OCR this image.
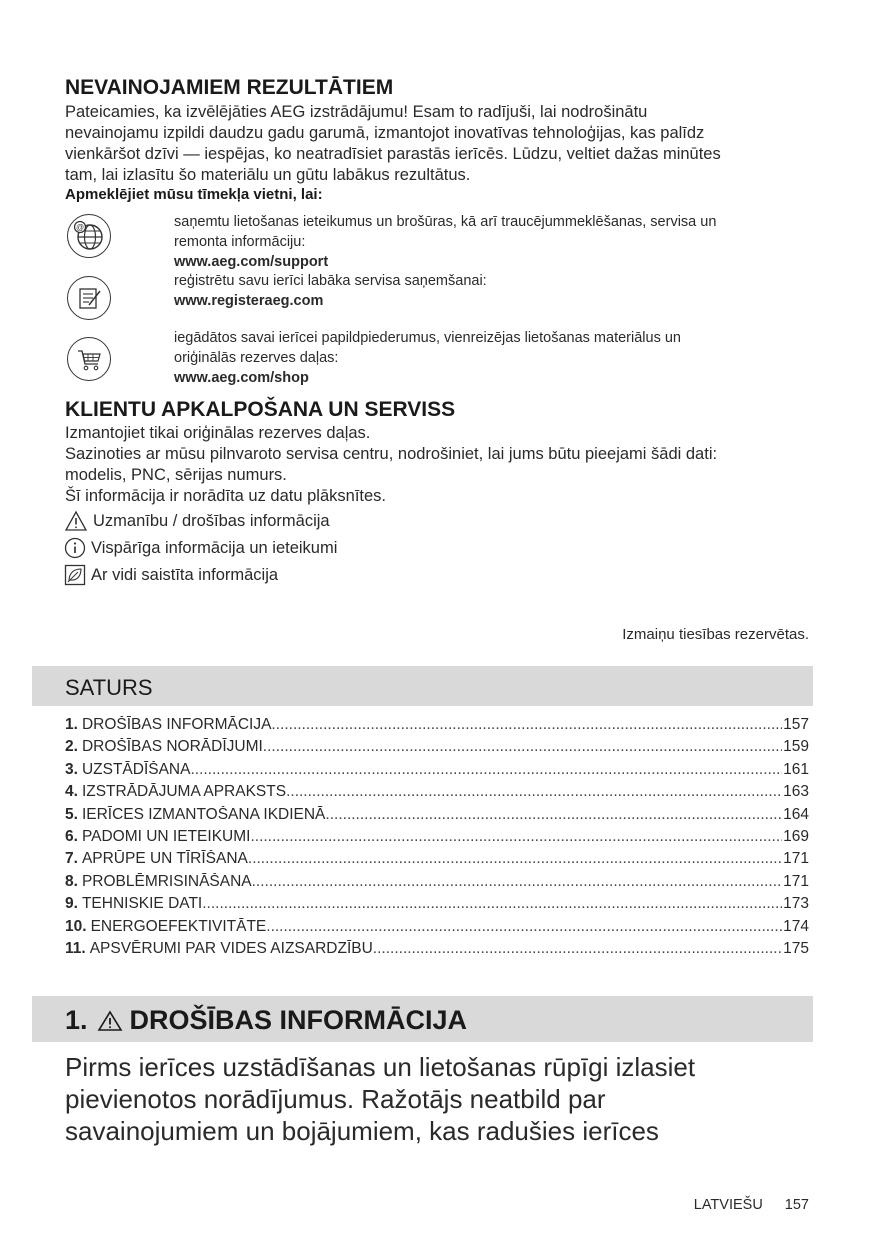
NEVAINOJAMIEM REZULTĀTIEM
Pateicamies, ka izvēlējāties AEG izstrādājumu! Esam to radījuši, lai nodrošinātu
nevainojamu izpildi daudzu gadu garumā, izmantojot inovatīvas tehnoloģijas, kas palīdz
vienkāršot dzīvi — iespējas, ko neatradīsiet parastās ierīcēs. Lūdzu, veltiet dažas minūtes
tam, lai izlasītu šo materiālu un gūtu labākus rezultātus.
Apmeklējiet mūsu tīmekļa vietni, lai:
@	saņemtu lietošanas ieteikumus un brošūras, kā arī traucējummeklēšanas, servisa un
remonta informāciju:
www.aeg.com/support
reģistrētu savu ierīci labāka servisa saņemšanai:
www.registeraeg.com
iegādātos savai ierīcei papildpiederumus, vienreizējas lietošanas materiālus un
oriģinālās rezerves daļas:
www.aeg.com/shop
KLIENTU APKALPOŠANA UN SERVISS
Izmantojiet tikai oriģinālas rezerves daļas.
Sazinoties ar mūsu pilnvaroto servisa centru, nodrošiniet, lai jums būtu pieejami šādi dati:
modelis, PNC, sērijas numurs.
Šī informācija ir norādīta uz datu plāksnītes.
Uzmanību / drošības informācija
Vispārīga informācija un ieteikumi
Ar vidi saistīta informācija
Izmaiņu tiesības rezervētas.
SATURS
1. DROŠĪBAS INFORMĀCIJA .....	157
2. DROŠĪBAS NORĀDĪJUMI .....	159
3. UZSTĀDĪŠANA .....	161
4. IZSTRĀDĀJUMA APRAKSTS .....	163
5. IERĪCES IZMANTOŠANA IKDIENĀ .....	164
6. PADOMI UN IETEIKUMI .....	169
7. APRŪPE UN TĪRĪŠANA .....	171
8. PROBLĒMRISINĀŠANA .....	171
9. TEHNISKIE DATI .....	173
10. ENERGOEFEKTIVITĀTE .....	174
11. APSVĒRUMI PAR VIDES AIZSARDZĪBU .....	175
1. DROŠĪBAS INFORMĀCIJA
Pirms ierīces uzstādīšanas un lietošanas rūpīgi izlasiet
pievienotos norādījumus. Ražotājs neatbild par
savainojumiem un bojājumiem, kas radušies ierīces
LATVIEŠU 157
